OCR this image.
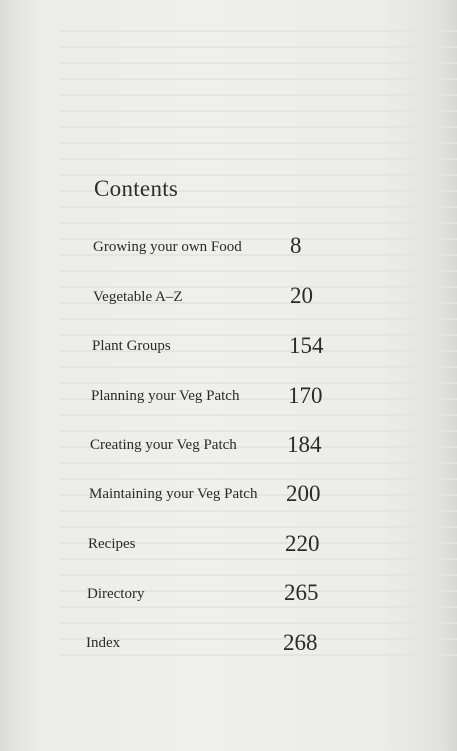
Contents
Growing your own Food 8
Vegetable A–Z	20
Plant Groups	154
Planning your Veg Patch 170
Creating your Veg Patch 184
Maintaining your Veg Patch 200
Recipes	220
Directory	265
Index	268
